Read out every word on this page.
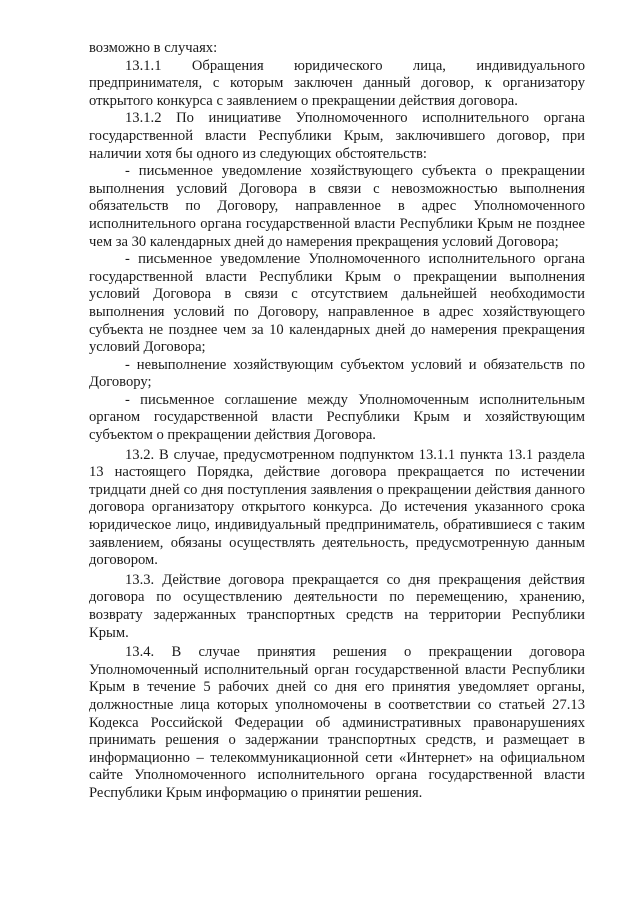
возможно в случаях:

13.1.1 Обращения юридического лица, индивидуального предпринимателя, с которым заключен данный договор, к организатору открытого конкурса с заявлением о прекращении действия договора.

13.1.2 По инициативе Уполномоченного исполнительного органа государственной власти Республики Крым, заключившего договор, при наличии хотя бы одного из следующих обстоятельств:

- письменное уведомление хозяйствующего субъекта о прекращении выполнения условий Договора в связи с невозможностью выполнения обязательств по Договору, направленное в адрес Уполномоченного исполнительного органа государственной власти Республики Крым не позднее чем за 30 календарных дней до намерения прекращения условий Договора;

- письменное уведомление Уполномоченного исполнительного органа государственной власти Республики Крым о прекращении выполнения условий Договора в связи с отсутствием дальнейшей необходимости выполнения условий по Договору, направленное в адрес хозяйствующего субъекта не позднее чем за 10 календарных дней до намерения прекращения условий Договора;

- невыполнение хозяйствующим субъектом условий и обязательств по Договору;

- письменное соглашение между Уполномоченным исполнительным органом государственной власти Республики Крым и хозяйствующим субъектом о прекращении действия Договора.

13.2. В случае, предусмотренном подпунктом 13.1.1 пункта 13.1 раздела 13 настоящего Порядка, действие договора прекращается по истечении тридцати дней со дня поступления заявления о прекращении действия данного договора организатору открытого конкурса. До истечения указанного срока юридическое лицо, индивидуальный предприниматель, обратившиеся с таким заявлением, обязаны осуществлять деятельность, предусмотренную данным договором.

13.3. Действие договора прекращается со дня прекращения действия договора по осуществлению деятельности по перемещению, хранению, возврату задержанных транспортных средств на территории Республики Крым.

13.4. В случае принятия решения о прекращении договора Уполномоченный исполнительный орган государственной власти Республики Крым в течение 5 рабочих дней со дня его принятия уведомляет органы, должностные лица которых уполномочены в соответствии со статьей 27.13 Кодекса Российской Федерации об административных правонарушениях принимать решения о задержании транспортных средств, и размещает в информационно – телекоммуникационной сети «Интернет» на официальном сайте Уполномоченного исполнительного органа государственной власти Республики Крым информацию о принятии решения.
